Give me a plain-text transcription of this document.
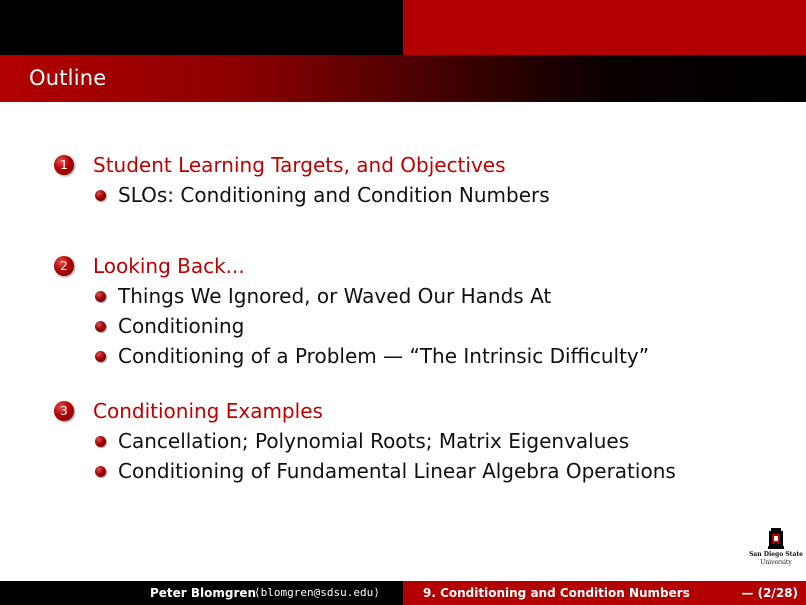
Outline
1	Student Learning Targets, and Objectives
SLOs: Conditioning and Condition Numbers
2	Looking Back...
Things We Ignored, or Waved Our Hands At
Conditioning
Conditioning of a Problem — “The Intrinsic Difficulty”
3	Conditioning Examples
Cancellation; Polynomial Roots; Matrix Eigenvalues
Conditioning of Fundamental Linear Algebra Operations
San Diego State
University
Peter Blomgren
⟨blomgren@sdsu.edu⟩	9. Conditioning and Condition Numbers	— (2/28)
